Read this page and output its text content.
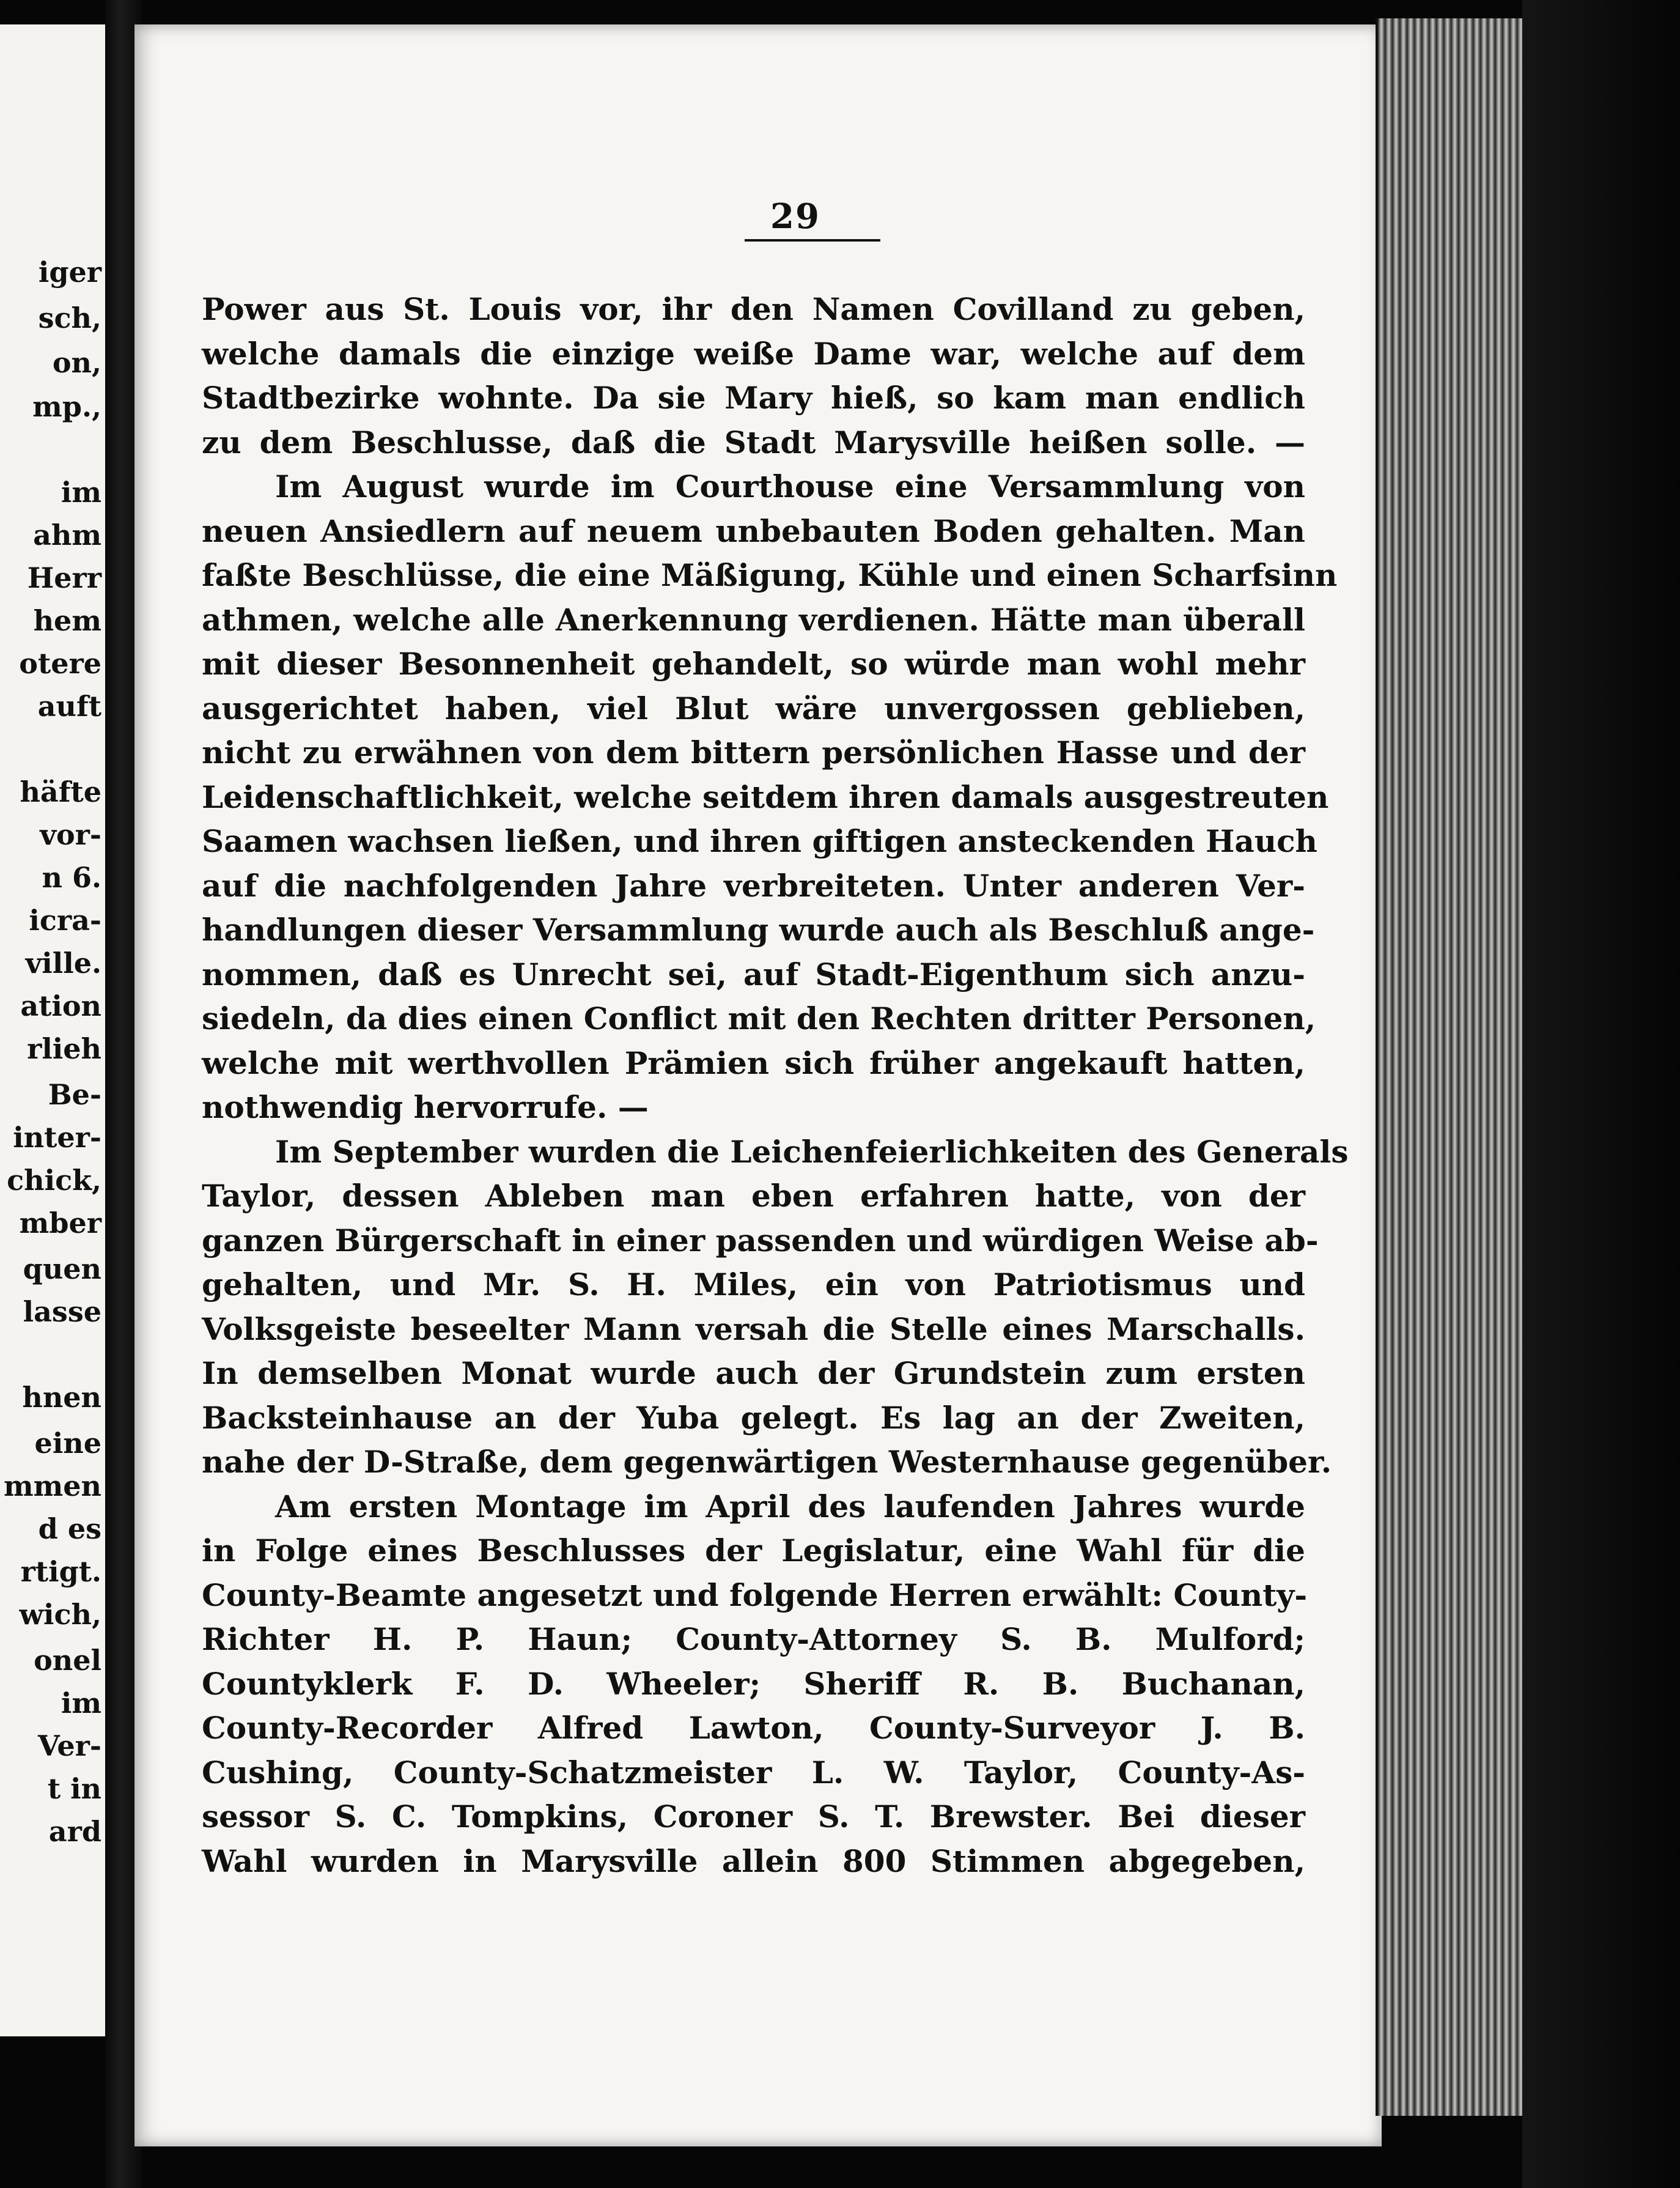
iger
sch,
on,
mp.,
im
ahm
Herr
hem
otere
auft
häfte
vor-
n 6.
icra-
ville.
ation
rlieh
Be-
inter-
chick,
mber
quen
lasse
hnen
eine
mmen
d es
rtigt.
wich,
onel
im
Ver-
t in
ard
29
Power aus St. Louis vor, ihr den Namen Covilland zu geben,
welche damals die einzige weiße Dame war, welche auf dem
Stadtbezirke wohnte. Da sie Mary hieß, so kam man endlich
zu dem Beschlusse, daß die Stadt Marysville heißen solle. —
Im August wurde im Courthouse eine Versammlung von
neuen Ansiedlern auf neuem unbebauten Boden gehalten. Man
faßte Beschlüsse, die eine Mäßigung, Kühle und einen Scharfsinn
athmen, welche alle Anerkennung verdienen. Hätte man überall
mit dieser Besonnenheit gehandelt, so würde man wohl mehr
ausgerichtet haben, viel Blut wäre unvergossen geblieben,
nicht zu erwähnen von dem bittern persönlichen Hasse und der
Leidenschaftlichkeit, welche seitdem ihren damals ausgestreuten
Saamen wachsen ließen, und ihren giftigen ansteckenden Hauch
auf die nachfolgenden Jahre verbreiteten. Unter anderen Ver-
handlungen dieser Versammlung wurde auch als Beschluß ange-
nommen, daß es Unrecht sei, auf Stadt-Eigenthum sich anzu-
siedeln, da dies einen Conflict mit den Rechten dritter Personen,
welche mit werthvollen Prämien sich früher angekauft hatten,
nothwendig hervorrufe. —
Im September wurden die Leichenfeierlichkeiten des Generals
Taylor, dessen Ableben man eben erfahren hatte, von der
ganzen Bürgerschaft in einer passenden und würdigen Weise ab-
gehalten, und Mr. S. H. Miles, ein von Patriotismus und
Volksgeiste beseelter Mann versah die Stelle eines Marschalls.
In demselben Monat wurde auch der Grundstein zum ersten
Backsteinhause an der Yuba gelegt. Es lag an der Zweiten,
nahe der D-Straße, dem gegenwärtigen Westernhause gegenüber.
Am ersten Montage im April des laufenden Jahres wurde
in Folge eines Beschlusses der Legislatur, eine Wahl für die
County-Beamte angesetzt und folgende Herren erwählt: County-
Richter H. P. Haun; County-Attorney S. B. Mulford;
Countyklerk F. D. Wheeler; Sheriff R. B. Buchanan,
County-Recorder Alfred Lawton, County-Surveyor J. B.
Cushing, County-Schatzmeister L. W. Taylor, County-As-
sessor S. C. Tompkins, Coroner S. T. Brewster. Bei dieser
Wahl wurden in Marysville allein 800 Stimmen abgegeben,
